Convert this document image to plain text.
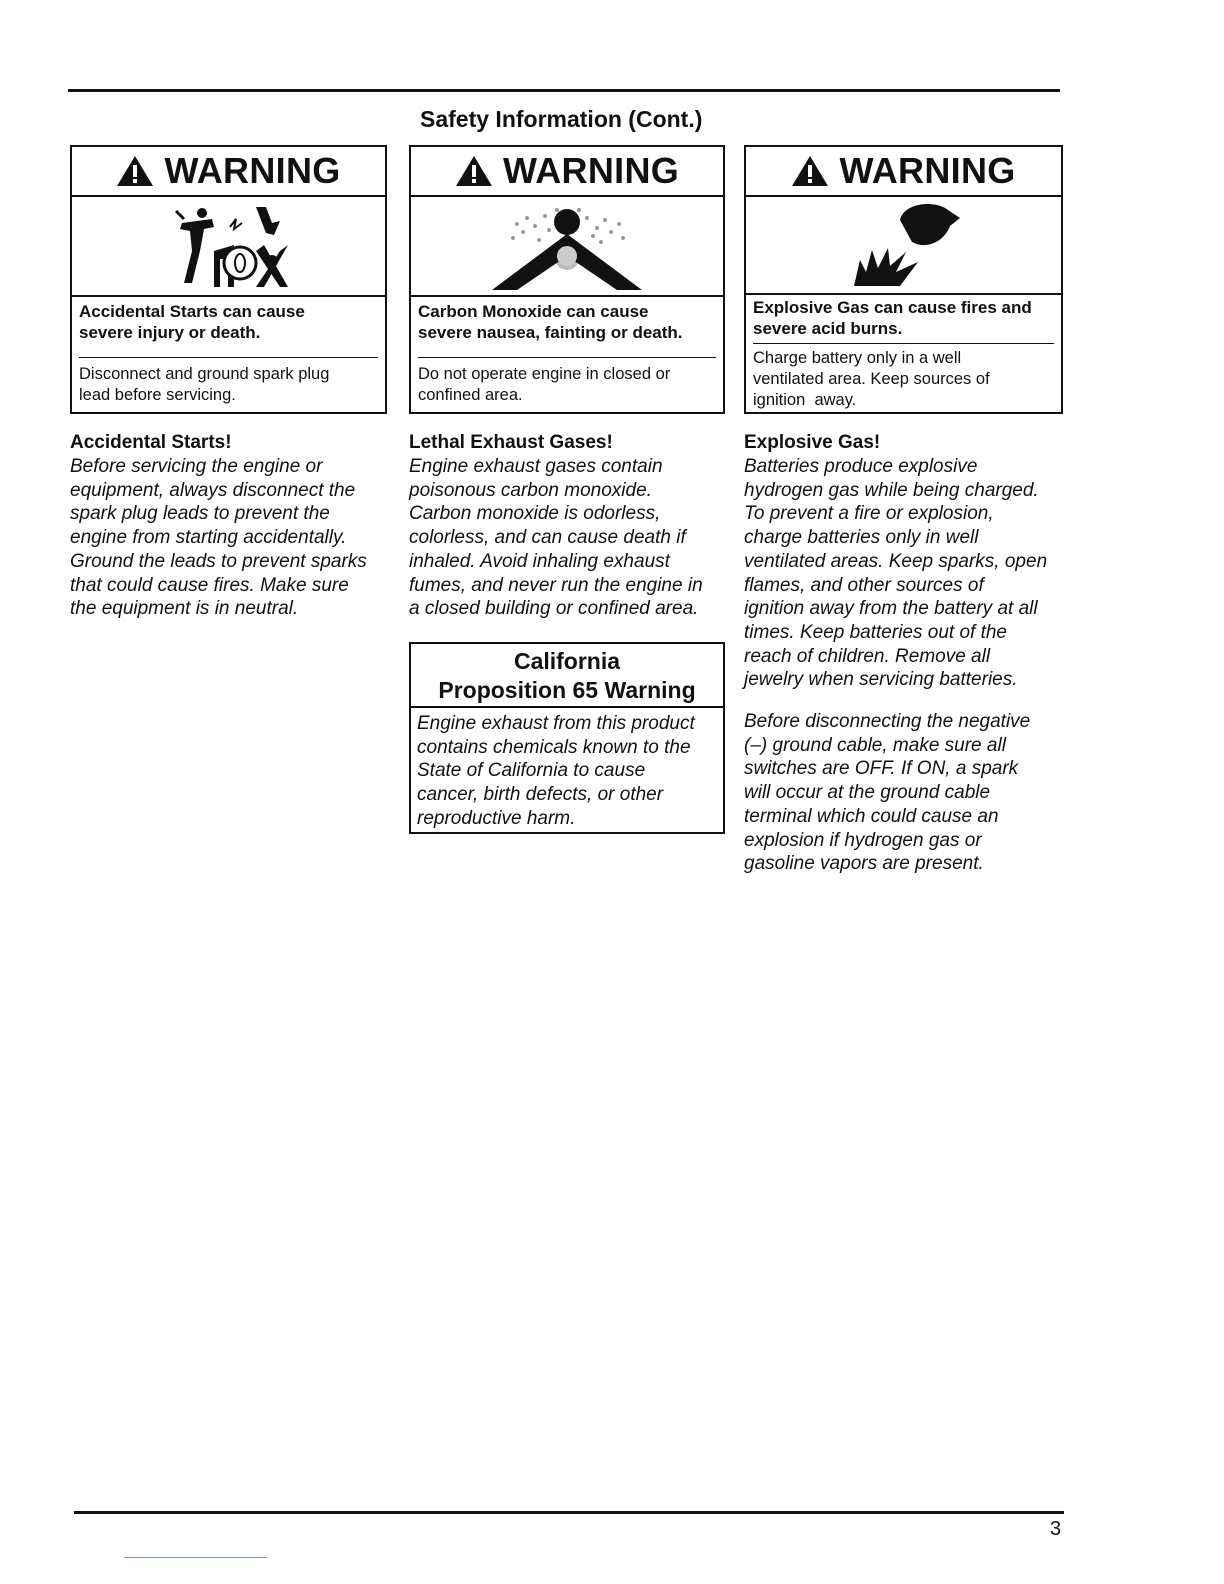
Safety Information (Cont.)
WARNING
Accidental Starts can cause
severe injury or death.
Disconnect and ground spark plug
lead before servicing.
WARNING
Carbon Monoxide can cause
severe nausea, fainting or death.
Do not operate engine in closed or
confined area.
WARNING
Explosive Gas can cause fires and
severe acid burns.
Charge battery only in a well
ventilated area. Keep sources of
ignition  away.
Accidental Starts!
Before servicing the engine or
equipment, always disconnect the
spark plug leads to prevent the
engine from starting accidentally.
Ground the leads to prevent sparks
that could cause fires. Make sure
the equipment is in neutral.
Lethal Exhaust Gases!
Engine exhaust gases contain
poisonous carbon monoxide.
Carbon monoxide is odorless,
colorless, and can cause death if
inhaled. Avoid inhaling exhaust
fumes, and never run the engine in
a closed building or confined area.
California
Proposition 65 Warning
Engine exhaust from this product
contains chemicals known to the
State of California to cause
cancer, birth defects, or other
reproductive harm.
Explosive Gas!
Batteries produce explosive
hydrogen gas while being charged.
To prevent a fire or explosion,
charge batteries only in well
ventilated areas. Keep sparks, open
flames, and other sources of
ignition away from the battery at all
times. Keep batteries out of the
reach of children. Remove all
jewelry when servicing batteries.
Before disconnecting the negative
(–) ground cable, make sure all
switches are OFF. If ON, a spark
will occur at the ground cable
terminal which could cause an
explosion if hydrogen gas or
gasoline vapors are present.
3
